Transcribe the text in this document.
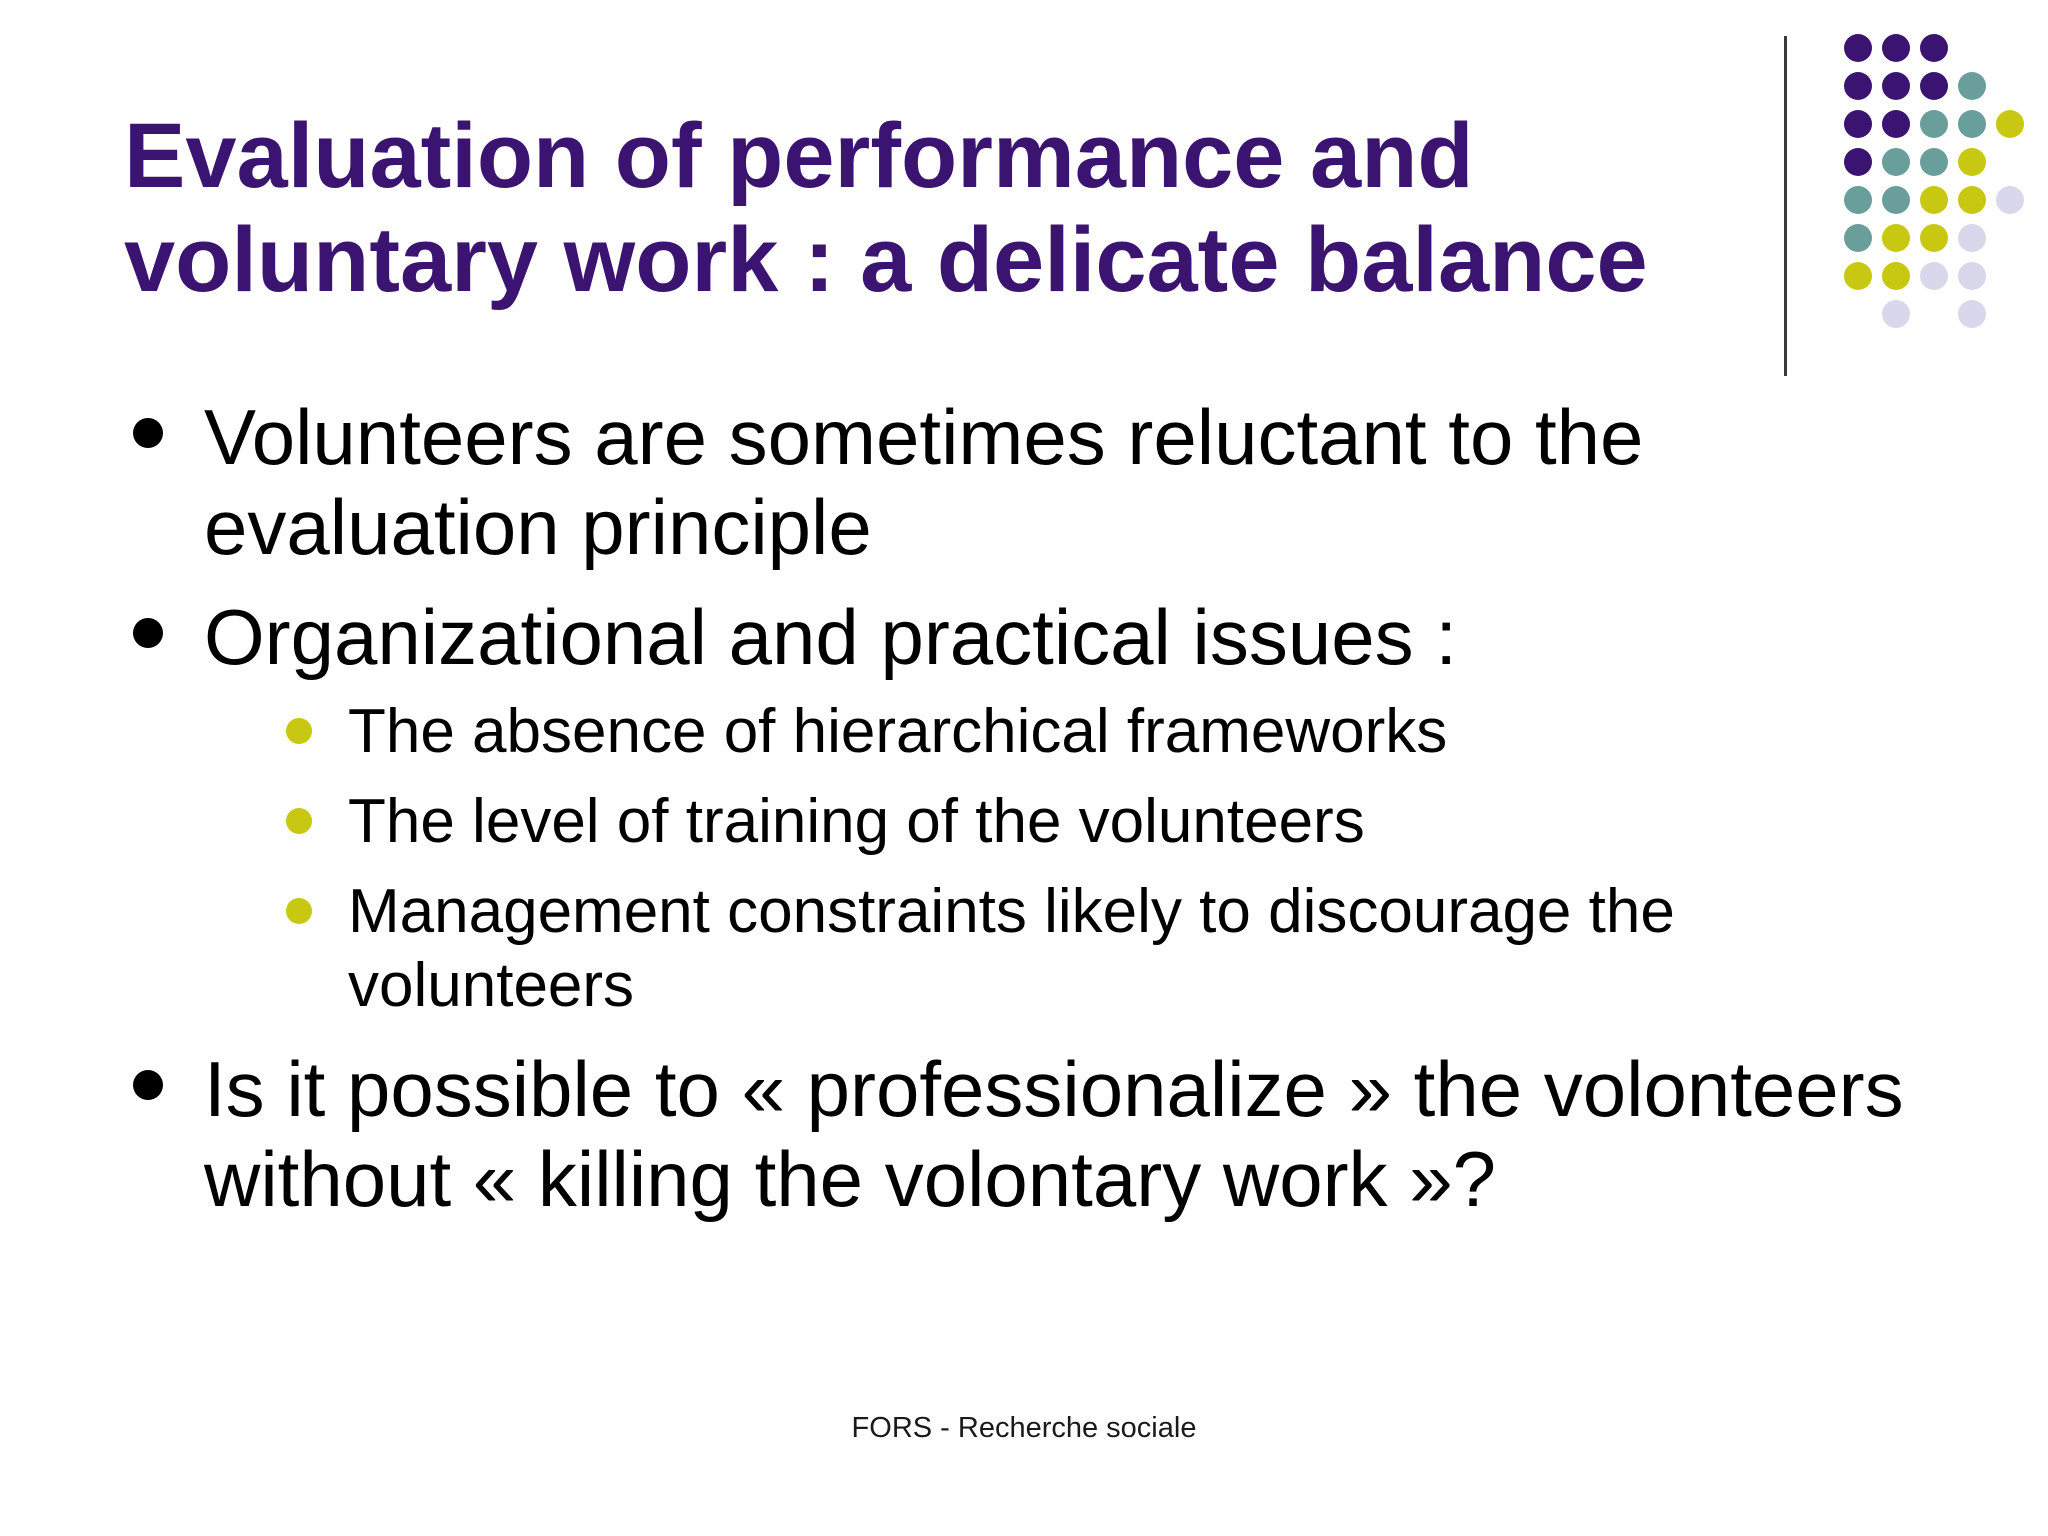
Evaluation of performance and voluntary work : a delicate balance

Volunteers are sometimes reluctant to the evaluation principle

Organizational and practical issues :

The absence of hierarchical frameworks

The level of training of the volunteers

Management constraints likely to discourage the volunteers

Is it possible to « professionalize » the volonteers without « killing the volontary work »?

FORS - Recherche sociale
